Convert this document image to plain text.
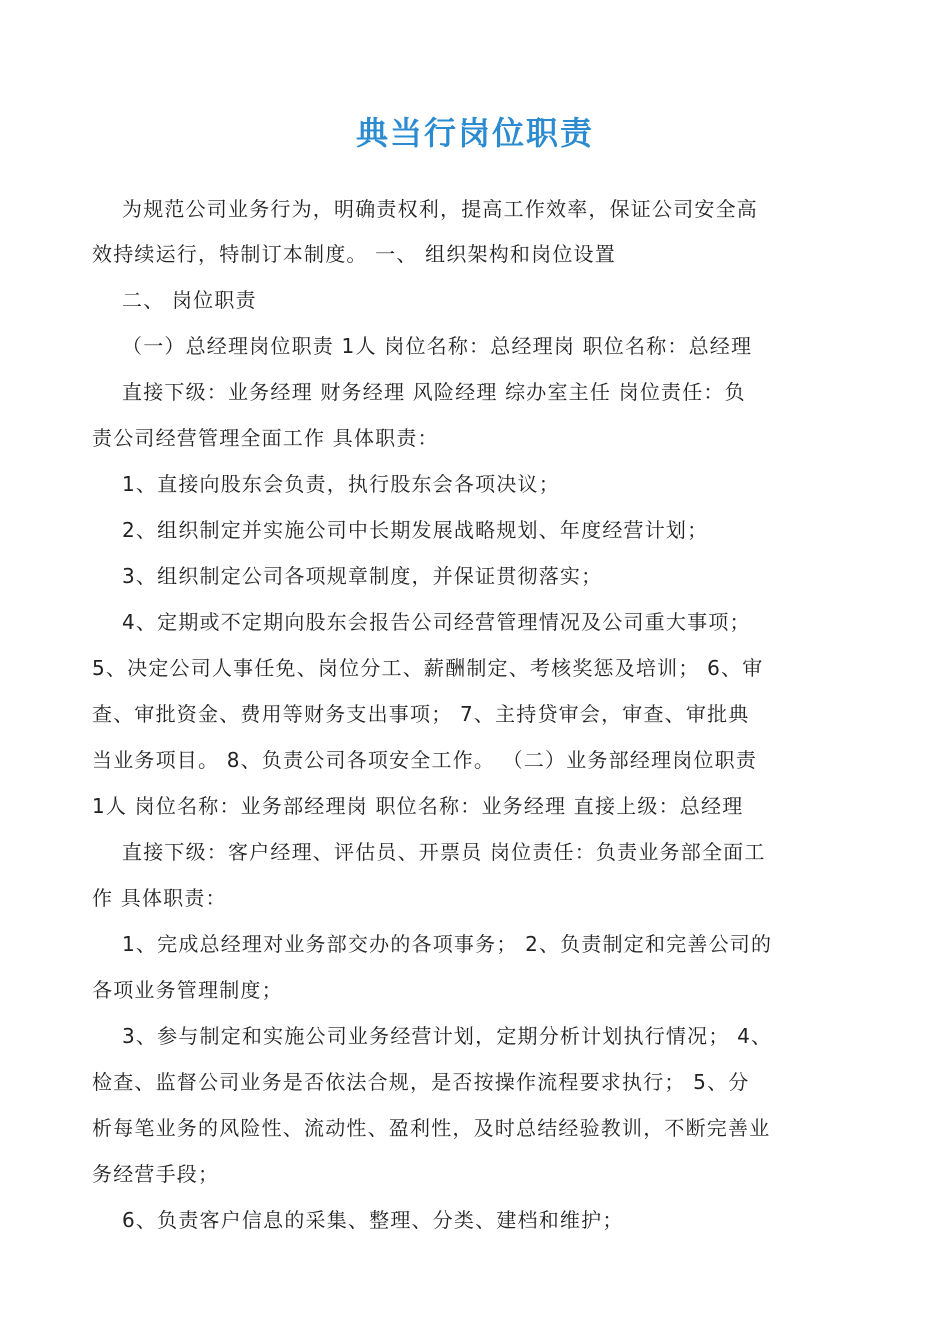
典当行岗位职责
为规范公司业务行为，明确责权利，提高工作效率，保证公司安全高
效持续运行，特制订本制度。 一、 组织架构和岗位设置
二、 岗位职责
（一）总经理岗位职责 1人 岗位名称：总经理岗 职位名称：总经理
直接下级：业务经理 财务经理 风险经理 综办室主任 岗位责任：负
责公司经营管理全面工作 具体职责：
1、直接向股东会负责，执行股东会各项决议；
2、组织制定并实施公司中长期发展战略规划、年度经营计划；
3、组织制定公司各项规章制度，并保证贯彻落实；
4、定期或不定期向股东会报告公司经营管理情况及公司重大事项；
5、决定公司人事任免、岗位分工、薪酬制定、考核奖惩及培训； 6、审
查、审批资金、费用等财务支出事项； 7、主持贷审会，审查、审批典
当业务项目。 8、负责公司各项安全工作。 （二）业务部经理岗位职责
1人 岗位名称：业务部经理岗 职位名称：业务经理 直接上级：总经理
直接下级：客户经理、评估员、开票员 岗位责任：负责业务部全面工
作 具体职责：
1、完成总经理对业务部交办的各项事务； 2、负责制定和完善公司的
各项业务管理制度；
3、参与制定和实施公司业务经营计划，定期分析计划执行情况； 4、
检查、监督公司业务是否依法合规，是否按操作流程要求执行； 5、分
析每笔业务的风险性、流动性、盈利性，及时总结经验教训，不断完善业
务经营手段；
6、负责客户信息的采集、整理、分类、建档和维护；
